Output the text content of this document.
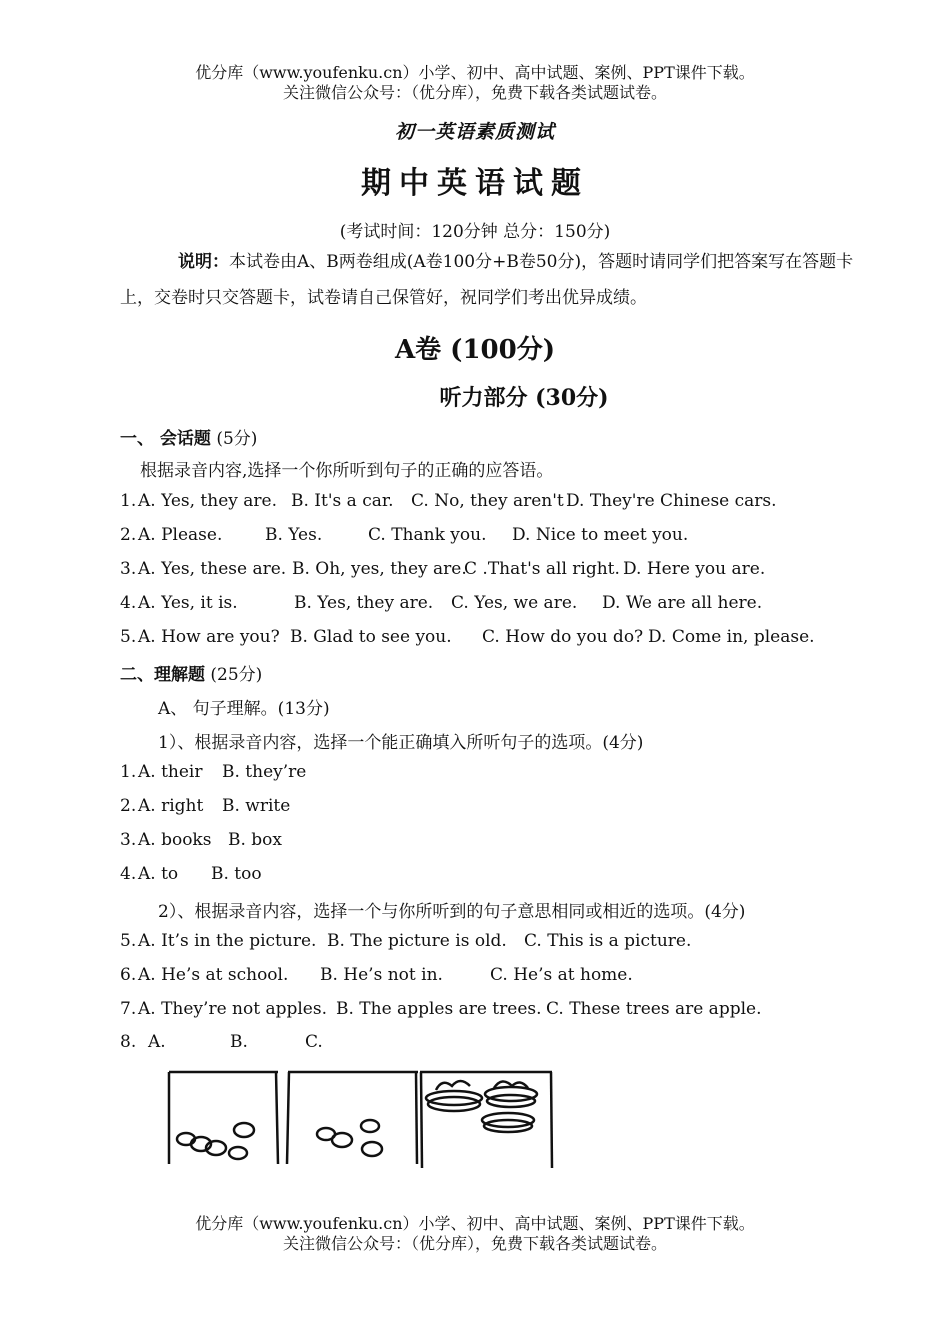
优分库（www.youfenku.cn）小学、初中、高中试题、案例、PPT课件下载。
关注微信公众号：（优分库），免费下载各类试题试卷。
初一英语素质测试
期中英语试题
(考试时间：120分钟 总分：150分)
说明：本试卷由A、B两卷组成(A卷100分+B卷50分)，答题时请同学们把答案写在答题卡上，交卷时只交答题卡，试卷请自己保管好，祝同学们考出优异成绩。
A卷 (100分)
听力部分 (30分)
一、 会话题 (5分)
根据录音内容,选择一个你所听到句子的正确的应答语。
1. A. Yes, they are. B. It's a car. C. No, they aren't D. They're Chinese cars.
2. A. Please.	B. Yes.	C. Thank you. D. Nice to meet you.
3. A. Yes, these are. B. Oh, yes, they are.
C .That's all right. D. Here you are.
4. A. Yes, it is.	B. Yes, they are. C. Yes, we are. D. We are all here.
5. A. How are you? B. Glad to see you. C. How do you do? D. Come in, please.
二、理解题 (25分)
A、 句子理解。(13分)
1）、根据录音内容，选择一个能正确填入所听句子的选项。(4分)
1. A. their B. they’re
2. A. right B. write
3. A. books B. box
4. A. to B. too
2）、根据录音内容，选择一个与你所听到的句子意思相同或相近的选项。(4分)
5. A. It’s in the picture. B. The picture is old. C. This is a picture.
6. A. He’s at school. B. He’s not in.	C. He’s at home.
7. A. They’re not apples. B. The apples are trees. C. These trees are apple.
8. A.	B.	C.
优分库（www.youfenku.cn）小学、初中、高中试题、案例、PPT课件下载。
关注微信公众号：（优分库），免费下载各类试题试卷。
